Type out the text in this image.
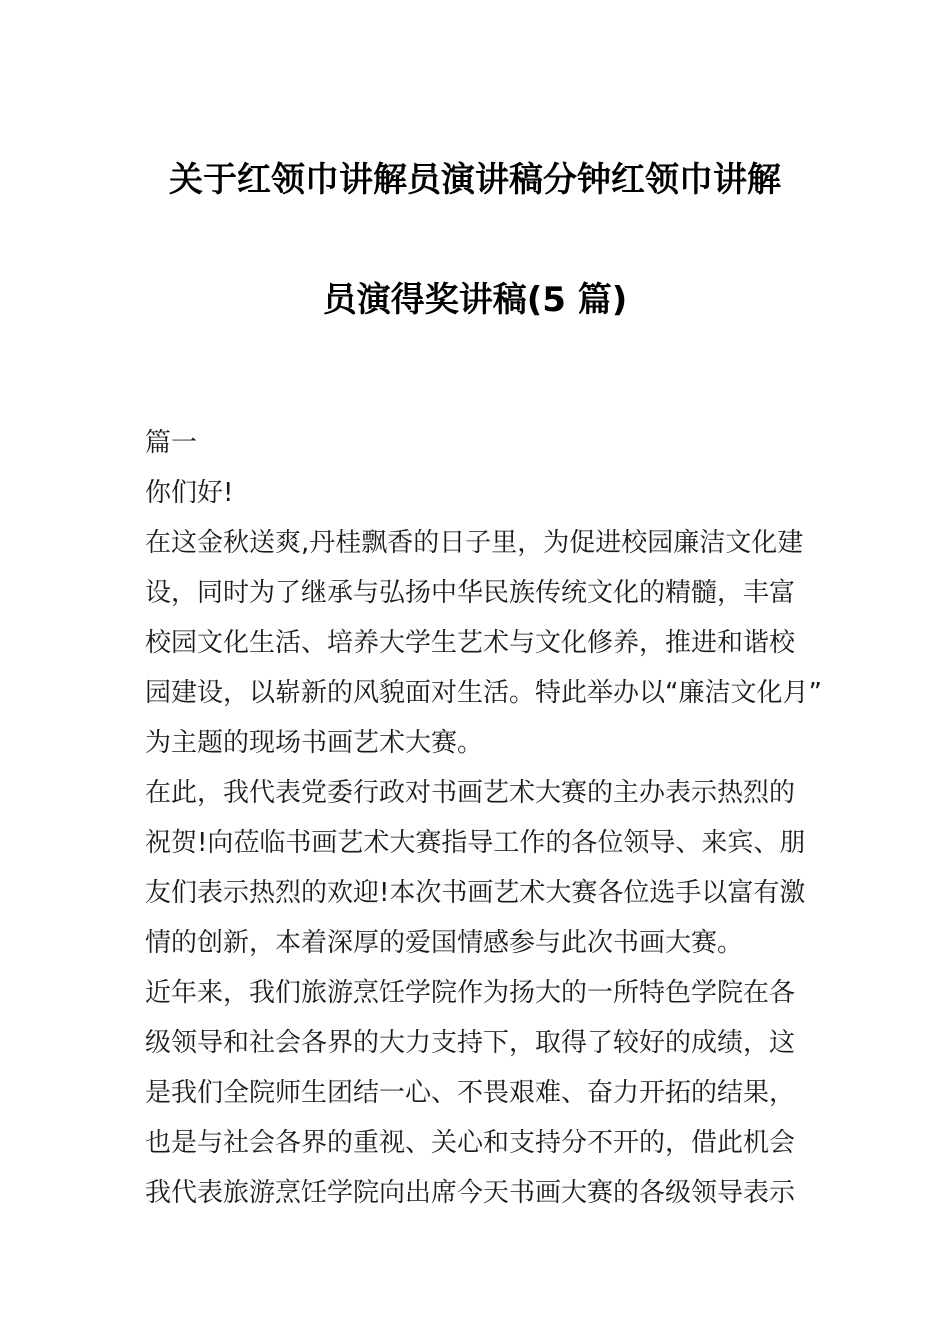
关于红领巾讲解员演讲稿分钟红领巾讲解
员演得奖讲稿(5 篇)
篇一
你们好!
在这金秋送爽,丹桂飘香的日子里，为促进校园廉洁文化建
设，同时为了继承与弘扬中华民族传统文化的精髓，丰富
校园文化生活、培养大学生艺术与文化修养，推进和谐校
园建设，以崭新的风貌面对生活。特此举办以“廉洁文化月”
为主题的现场书画艺术大赛。
在此，我代表党委行政对书画艺术大赛的主办表示热烈的
祝贺!向莅临书画艺术大赛指导工作的各位领导、来宾、朋
友们表示热烈的欢迎!本次书画艺术大赛各位选手以富有激
情的创新，本着深厚的爱国情感参与此次书画大赛。
近年来，我们旅游烹饪学院作为扬大的一所特色学院在各
级领导和社会各界的大力支持下，取得了较好的成绩，这
是我们全院师生团结一心、不畏艰难、奋力开拓的结果，
也是与社会各界的重视、关心和支持分不开的，借此机会
我代表旅游烹饪学院向出席今天书画大赛的各级领导表示
